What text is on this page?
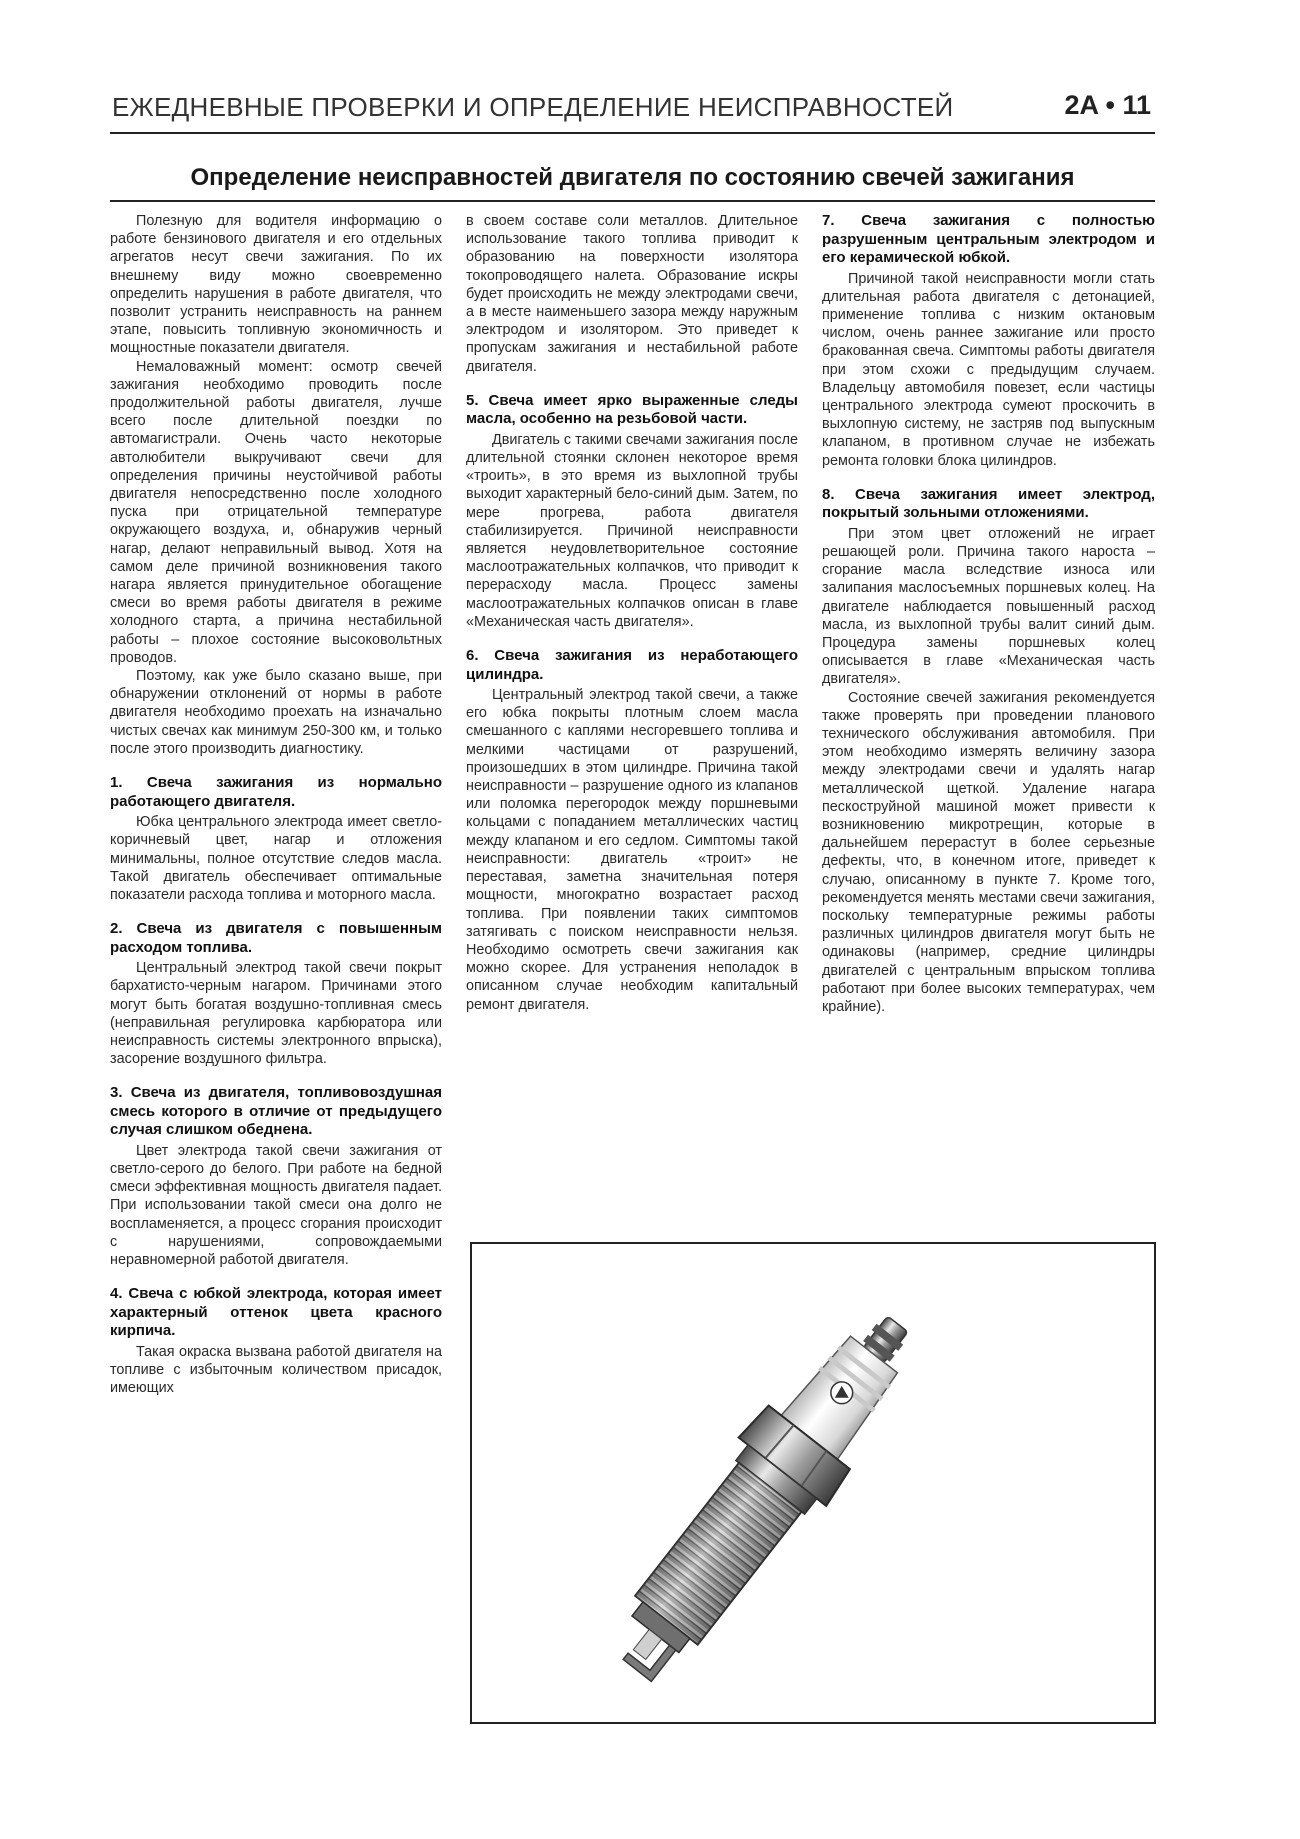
ЕЖЕДНЕВНЫЕ ПРОВЕРКИ И ОПРЕДЕЛЕНИЕ НЕИСПРАВНОСТЕЙ	2A • 11
Определение неисправностей двигателя по состоянию свечей зажигания

Полезную для водителя информацию о работе бензинового двигателя и его отдельных агрегатов несут свечи зажигания. По их внешнему виду можно своевременно определить нарушения в работе двигателя, что позволит устранить неисправность на раннем этапе, повысить топливную экономичность и мощностные показатели двигателя.

Немаловажный момент: осмотр свечей зажигания необходимо проводить после продолжительной работы двигателя, лучше всего после длительной поездки по автомагистрали. Очень часто некоторые автолюбители выкручивают свечи для определения причины неустойчивой работы двигателя непосредственно после холодного пуска при отрицательной температуре окружающего воздуха, и, обнаружив черный нагар, делают неправильный вывод. Хотя на самом деле причиной возникновения такого нагара является принудительное обогащение смеси во время работы двигателя в режиме холодного старта, а причина нестабильной работы – плохое состояние высоковольтных проводов.

Поэтому, как уже было сказано выше, при обнаружении отклонений от нормы в работе двигателя необходимо проехать на изначально чистых свечах как минимум 250-300 км, и только после этого производить диагностику.

1. Свеча зажигания из нормально работающего двигателя.

Юбка центрального электрода имеет светло-коричневый цвет, нагар и отложения минимальны, полное отсутствие следов масла. Такой двигатель обеспечивает оптимальные показатели расхода топлива и моторного масла.

2. Свеча из двигателя с повышенным расходом топлива.

Центральный электрод такой свечи покрыт бархатисто-черным нагаром. Причинами этого могут быть богатая воздушно-топливная смесь (неправильная регулировка карбюратора или неисправность системы электронного впрыска), засорение воздушного фильтра.

3. Свеча из двигателя, топливовоздушная смесь которого в отличие от предыдущего случая слишком обеднена.

Цвет электрода такой свечи зажигания от светло-серого до белого. При работе на бедной смеси эффективная мощность двигателя падает. При использовании такой смеси она долго не воспламеняется, а процесс сгорания происходит с нарушениями, сопровождаемыми неравномерной работой двигателя.

4. Свеча с юбкой электрода, которая имеет характерный оттенок цвета красного кирпича.

Такая окраска вызвана работой двигателя на топливе с избыточным количеством присадок, имеющих

в своем составе соли металлов. Длительное использование такого топлива приводит к образованию на поверхности изолятора токопроводящего налета. Образование искры будет происходить не между электродами свечи, а в месте наименьшего зазора между наружным электродом и изолятором. Это приведет к пропускам зажигания и нестабильной работе двигателя.

5. Свеча имеет ярко выраженные следы масла, особенно на резьбовой части.

Двигатель с такими свечами зажигания после длительной стоянки склонен некоторое время «троить», в это время из выхлопной трубы выходит характерный бело-синий дым. Затем, по мере прогрева, работа двигателя стабилизируется. Причиной неисправности является неудовлетворительное состояние маслоотражательных колпачков, что приводит к перерасходу масла. Процесс замены маслоотражательных колпачков описан в главе «Механическая часть двигателя».

6. Свеча зажигания из неработающего цилиндра.

Центральный электрод такой свечи, а также его юбка покрыты плотным слоем масла смешанного с каплями несгоревшего топлива и мелкими частицами от разрушений, произошедших в этом цилиндре. Причина такой неисправности – разрушение одного из клапанов или поломка перегородок между поршневыми кольцами с попаданием металлических частиц между клапаном и его седлом. Симптомы такой неисправности: двигатель «троит» не переставая, заметна значительная потеря мощности, многократно возрастает расход топлива. При появлении таких симптомов затягивать с поиском неисправности нельзя. Необходимо осмотреть свечи зажигания как можно скорее. Для устранения неполадок в описанном случае необходим капитальный ремонт двигателя.

7. Свеча зажигания с полностью разрушенным центральным электродом и его керамической юбкой.

Причиной такой неисправности могли стать длительная работа двигателя с детонацией, применение топлива с низким октановым числом, очень раннее зажигание или просто бракованная свеча. Симптомы работы двигателя при этом схожи с предыдущим случаем. Владельцу автомобиля повезет, если частицы центрального электрода сумеют проскочить в выхлопную систему, не застряв под выпускным клапаном, в противном случае не избежать ремонта головки блока цилиндров.

8. Свеча зажигания имеет электрод, покрытый зольными отложениями.

При этом цвет отложений не играет решающей роли. Причина такого нароста – сгорание масла вследствие износа или залипания маслосъемных поршневых колец. На двигателе наблюдается повышенный расход масла, из выхлопной трубы валит синий дым. Процедура замены поршневых колец описывается в главе «Механическая часть двигателя».

Состояние свечей зажигания рекомендуется также проверять при проведении планового технического обслуживания автомобиля. При этом необходимо измерять величину зазора между электродами свечи и удалять нагар металлической щеткой. Удаление нагара пескоструйной машиной может привести к возникновению микротрещин, которые в дальнейшем перерастут в более серьезные дефекты, что, в конечном итоге, приведет к случаю, описанному в пункте 7. Кроме того, рекомендуется менять местами свечи зажигания, поскольку температурные режимы работы различных цилиндров двигателя могут быть не одинаковы (например, средние цилиндры двигателей с центральным впрыском топлива работают при более высоких температурах, чем крайние).
